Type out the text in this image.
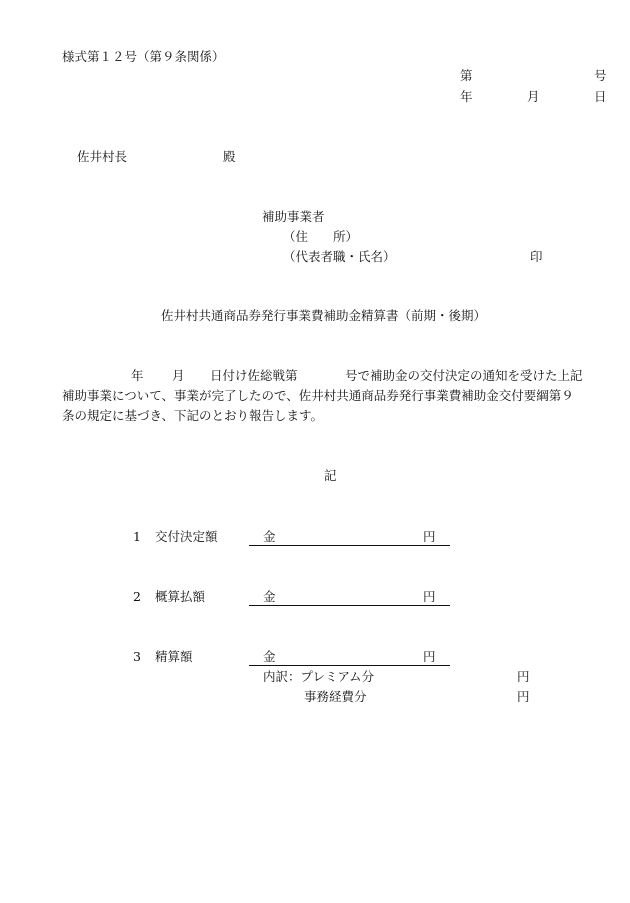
様式第１２号（第９条関係）
第	号
年	月	日
佐井村長	殿
補助事業者
（住　　所）
（代表者職・氏名）	印
佐井村共通商品券発行事業費補助金精算書（前期・後期）
年 月 日付け佐総戦第	号で補助金の交付決定の通知を受けた上記
補助事業について、事業が完了したので、佐井村共通商品券発行事業費補助金交付要綱第９
条の規定に基づき、下記のとおり報告します。
記
1 交付決定額	金	円
2 概算払額	金	円
3 精算額	金	円
内訳：プレミアム分	円
事務経費分	円
